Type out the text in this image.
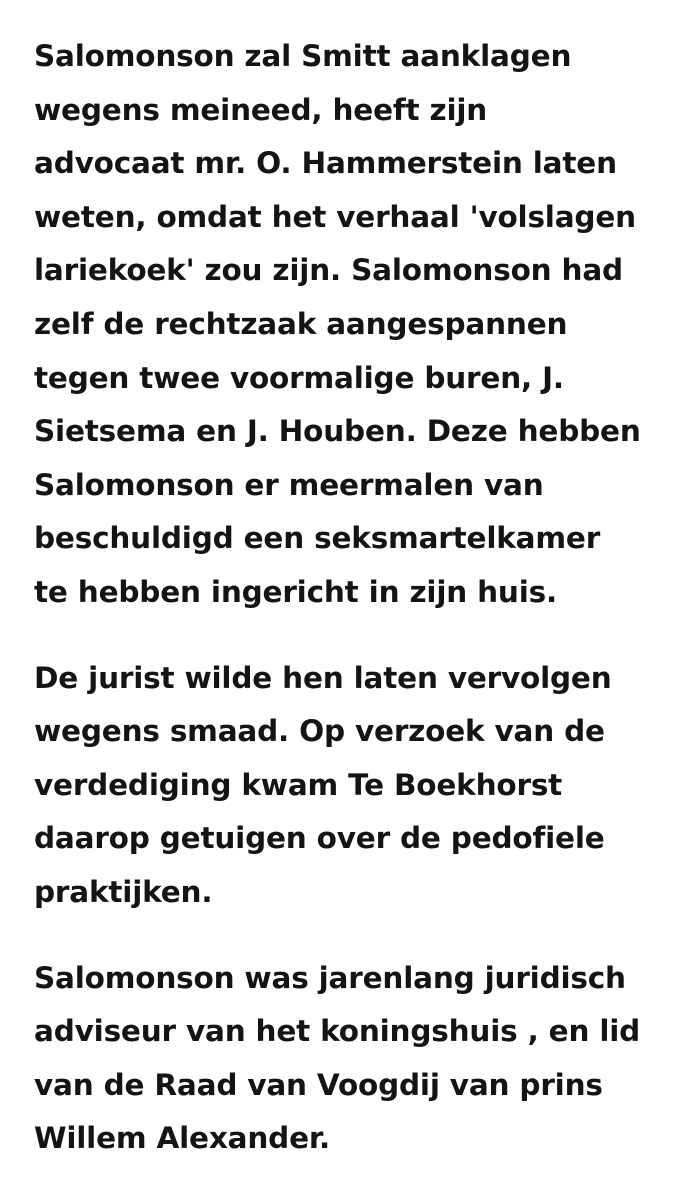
Salomonson zal Smitt aanklagen
wegens meineed, heeft zijn
advocaat mr. O. Hammerstein laten
weten, omdat het verhaal 'volslagen
lariekoek' zou zijn. Salomonson had
zelf de rechtzaak aangespannen
tegen twee voormalige buren, J.
Sietsema en J. Houben. Deze hebben
Salomonson er meermalen van
beschuldigd een seksmartelkamer
te hebben ingericht in zijn huis.

De jurist wilde hen laten vervolgen
wegens smaad. Op verzoek van de
verdediging kwam Te Boekhorst
daarop getuigen over de pedofiele
praktijken.

Salomonson was jarenlang juridisch
adviseur van het koningshuis , en lid
van de Raad van Voogdij van prins
Willem Alexander.
